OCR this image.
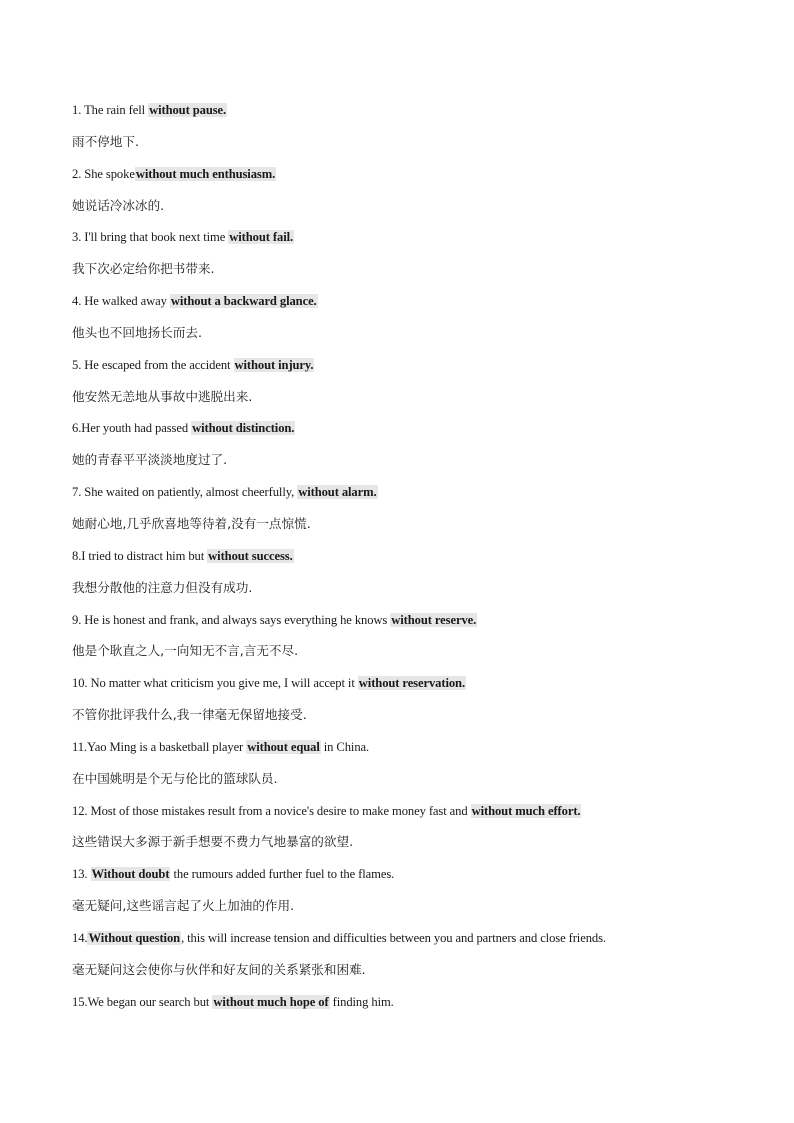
1. The rain fell without pause.
雨不停地下.
2. She spokewithout much enthusiasm.
她说话冷冰冰的.
3. I'll bring that book next time without fail.
我下次必定给你把书带来.
4. He walked away without a backward glance.
他头也不回地扬长而去.
5. He escaped from the accident without injury.
他安然无恙地从事故中逃脱出来.
6.Her youth had passed without distinction.
她的青春平平淡淡地度过了.
7. She waited on patiently, almost cheerfully, without alarm.
她耐心地,几乎欣喜地等待着,没有一点惊慌.
8.I tried to distract him but without success.
我想分散他的注意力但没有成功.
9. He is honest and frank, and always says everything he knows without reserve.
他是个耿直之人,一向知无不言,言无不尽.
10. No matter what criticism you give me, I will accept it without reservation.
不管你批评我什么,我一律毫无保留地接受.
11.Yao Ming is a basketball player without equal in China.
在中国姚明是个无与伦比的篮球队员.
12. Most of those mistakes result from a novice's desire to make money fast and without much effort.
这些错误大多源于新手想要不费力气地暴富的欲望.
13. Without doubt the rumours added further fuel to the flames.
毫无疑问,这些谣言起了火上加油的作用.
14.Without question, this will increase tension and difficulties between you and partners and close friends.
毫无疑问这会使你与伙伴和好友间的关系紧张和困难.
15.We began our search but without much hope of finding him.
